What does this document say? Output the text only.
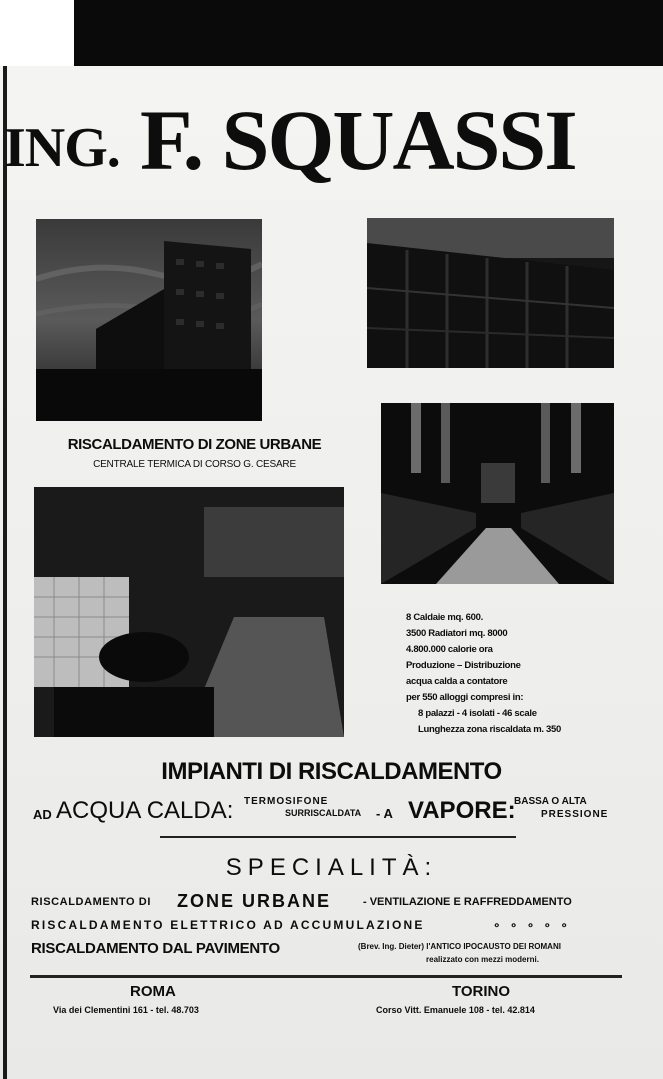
ING. F. SQUASSI
RISCALDAMENTO DI ZONE URBANE
CENTRALE TERMICA DI CORSO G. CESARE
8 Caldaie mq. 600.
3500 Radiatori mq. 8000
4.800.000 calorie ora
Produzione – Distribuzione
acqua calda a contatore
per 550 alloggi compresi in:
8 palazzi - 4 isolati - 46 scale
Lunghezza zona riscaldata m. 350
IMPIANTI DI RISCALDAMENTO
AD ACQUA CALDA: TERMOSIFONE
SURRISCALDATA - A VAPORE:
BASSA O ALTA
PRESSIONE
SPECIALITÀ:
RISCALDAMENTO DI ZONE URBANE	- VENTILAZIONE E RAFFREDDAMENTO
RISCALDAMENTO ELETTRICO AD ACCUMULAZIONE	∘ ∘ ∘ ∘ ∘
RISCALDAMENTO DAL PAVIMENTO	(Brev. Ing. Dieter) l'ANTICO IPOCAUSTO DEI ROMANI
realizzato con mezzi moderni.
ROMA	TORINO
Via dei Clementini 161 - tel. 48.703	Corso Vitt. Emanuele 108 - tel. 42.814
